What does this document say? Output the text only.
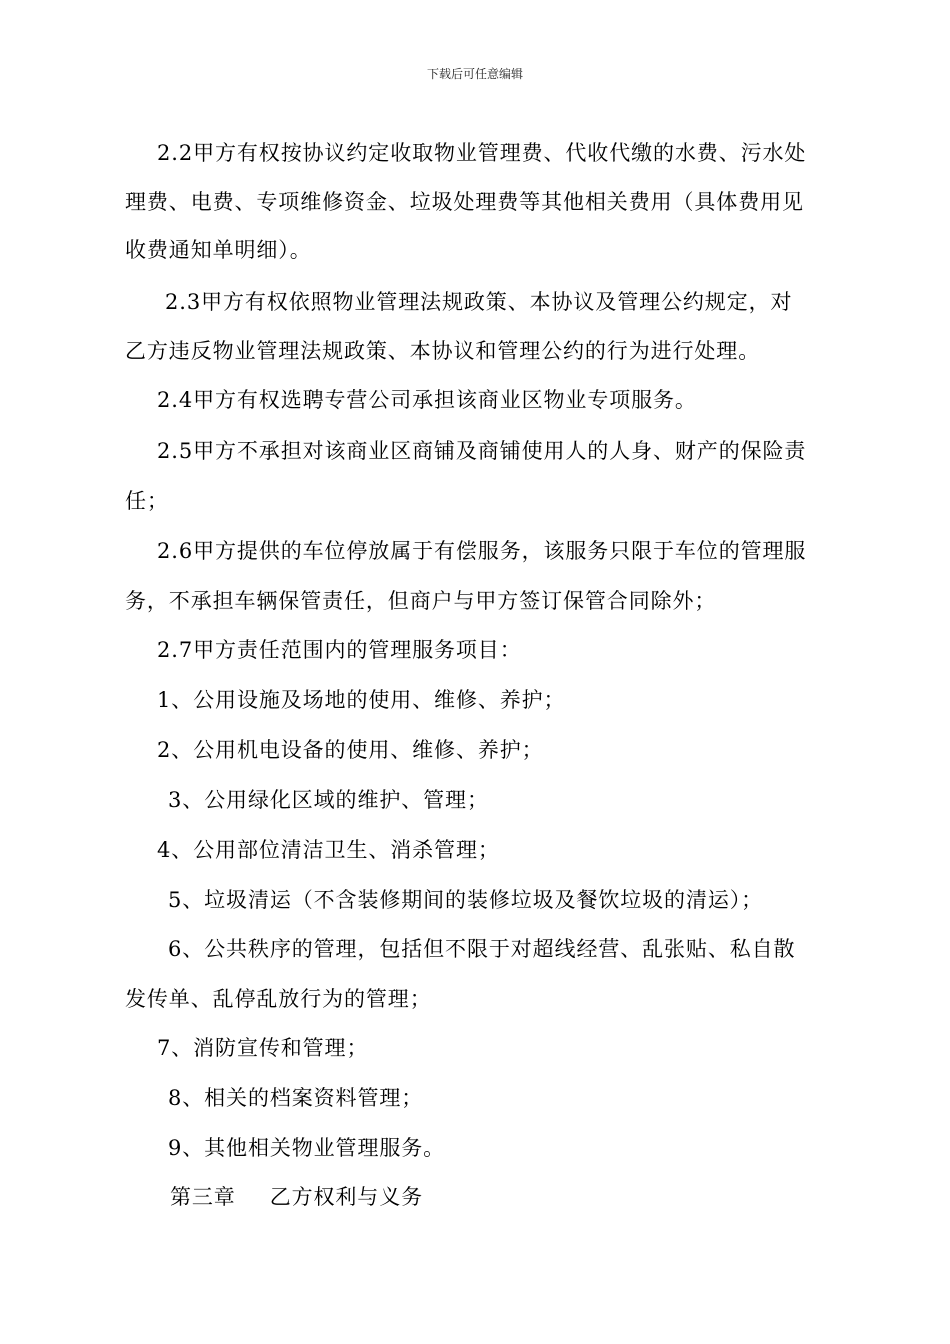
下载后可任意编辑
2.2甲方有权按协议约定收取物业管理费、代收代缴的水费、污水处
理费、电费、专项维修资金、垃圾处理费等其他相关费用（具体费用见
收费通知单明细）。
2.3甲方有权依照物业管理法规政策、本协议及管理公约规定，对
乙方违反物业管理法规政策、本协议和管理公约的行为进行处理。
2.4甲方有权选聘专营公司承担该商业区物业专项服务。
2.5甲方不承担对该商业区商铺及商铺使用人的人身、财产的保险责
任；
2.6甲方提供的车位停放属于有偿服务，该服务只限于车位的管理服
务，不承担车辆保管责任，但商户与甲方签订保管合同除外；
2.7甲方责任范围内的管理服务项目：
1、公用设施及场地的使用、维修、养护；
2、公用机电设备的使用、维修、养护；
3、公用绿化区域的维护、管理；
4、公用部位清洁卫生、消杀管理；
5、垃圾清运（不含装修期间的装修垃圾及餐饮垃圾的清运）；
6、公共秩序的管理，包括但不限于对超线经营、乱张贴、私自散
发传单、乱停乱放行为的管理；
7、消防宣传和管理；
8、相关的档案资料管理；
9、其他相关物业管理服务。
第三章 乙方权利与义务
